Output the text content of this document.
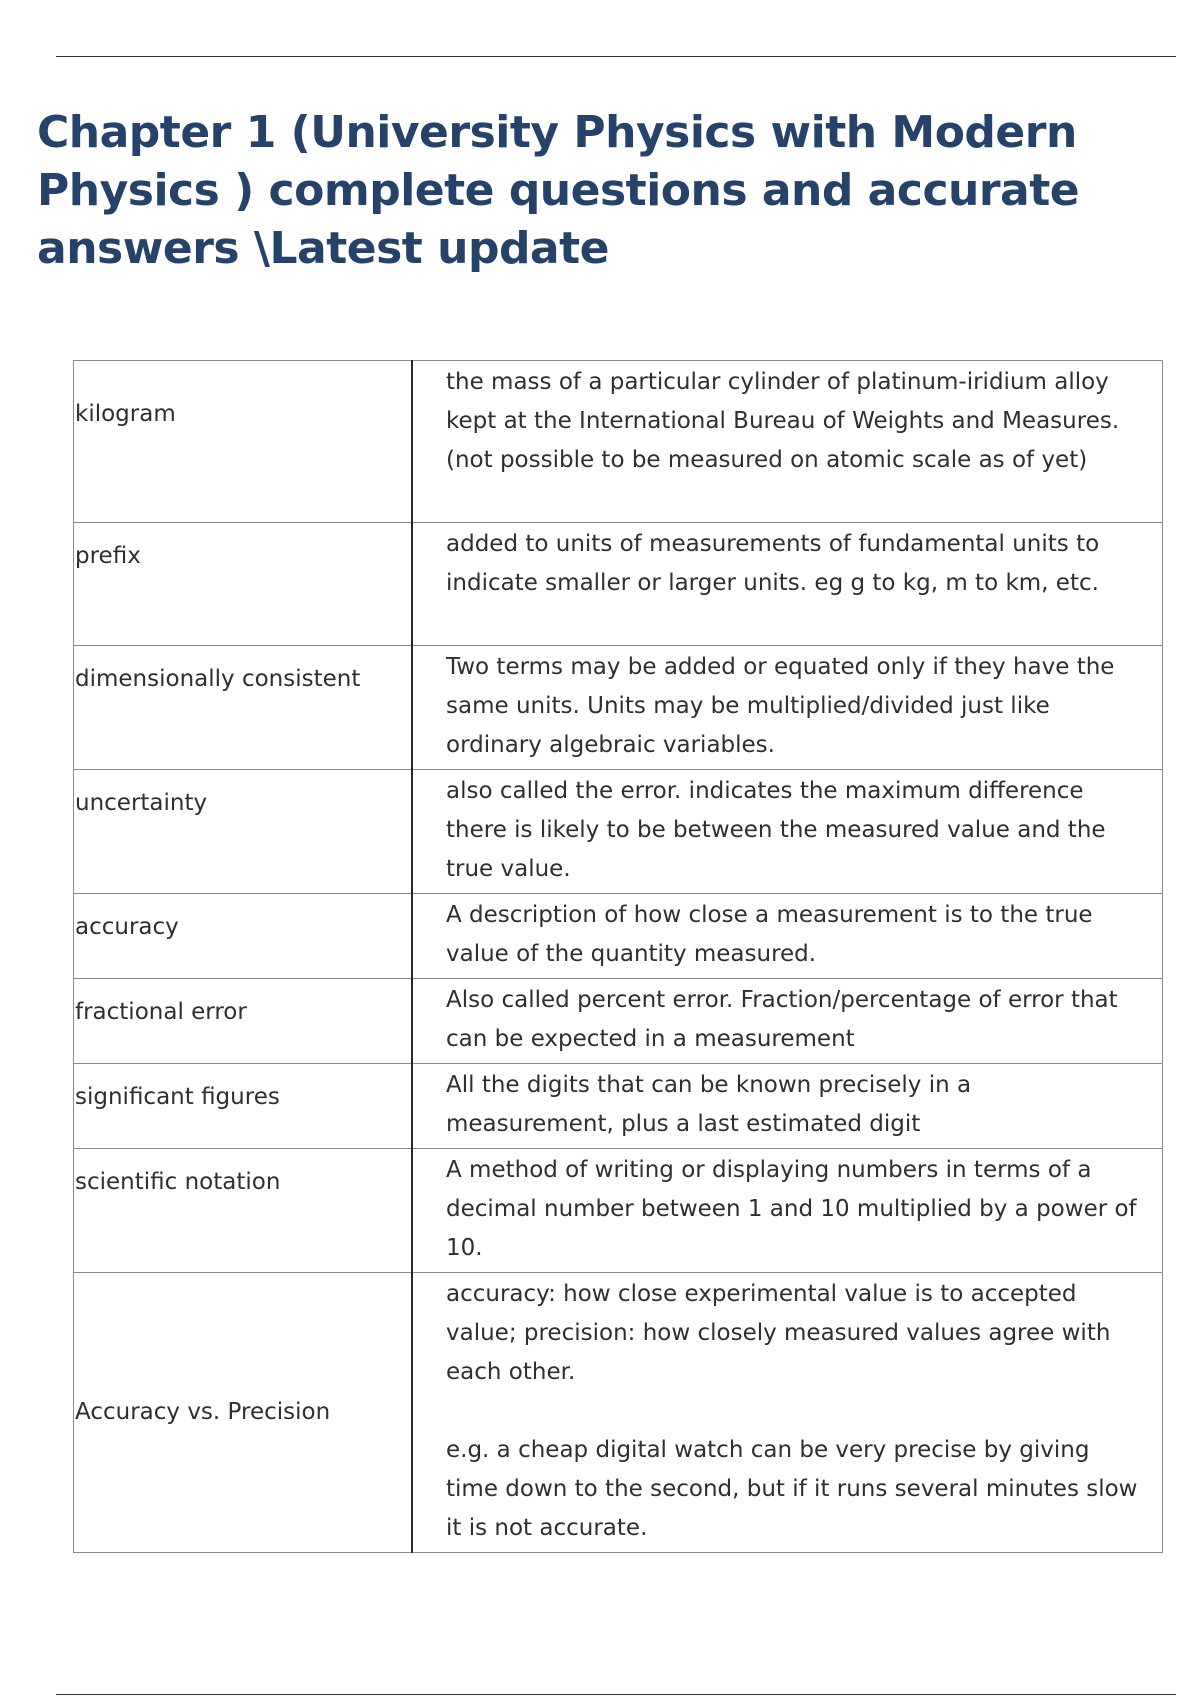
Chapter 1 (University Physics with Modern Physics ) complete questions and accurate answers \Latest update
kilogram	the mass of a particular cylinder of platinum-iridium alloy kept at the International Bureau of Weights and Measures. (not possible to be measured on atomic scale as of yet)
prefix	added to units of measurements of fundamental units to indicate smaller or larger units. eg g to kg, m to km, etc.
dimensionally consistent	Two terms may be added or equated only if they have the same units. Units may be multiplied/divided just like ordinary algebraic variables.
uncertainty	also called the error. indicates the maximum difference there is likely to be between the measured value and the true value.
accuracy	A description of how close a measurement is to the true value of the quantity measured.
fractional error	Also called percent error. Fraction/percentage of error that can be expected in a measurement
significant figures	All the digits that can be known precisely in a measurement, plus a last estimated digit
scientific notation	A method of writing or displaying numbers in terms of a decimal number between 1 and 10 multiplied by a power of 10.
Accuracy vs. Precision	accuracy: how close experimental value is to accepted value; precision: how closely measured values agree with each other.

e.g. a cheap digital watch can be very precise by giving time down to the second, but if it runs several minutes slow it is not accurate.
